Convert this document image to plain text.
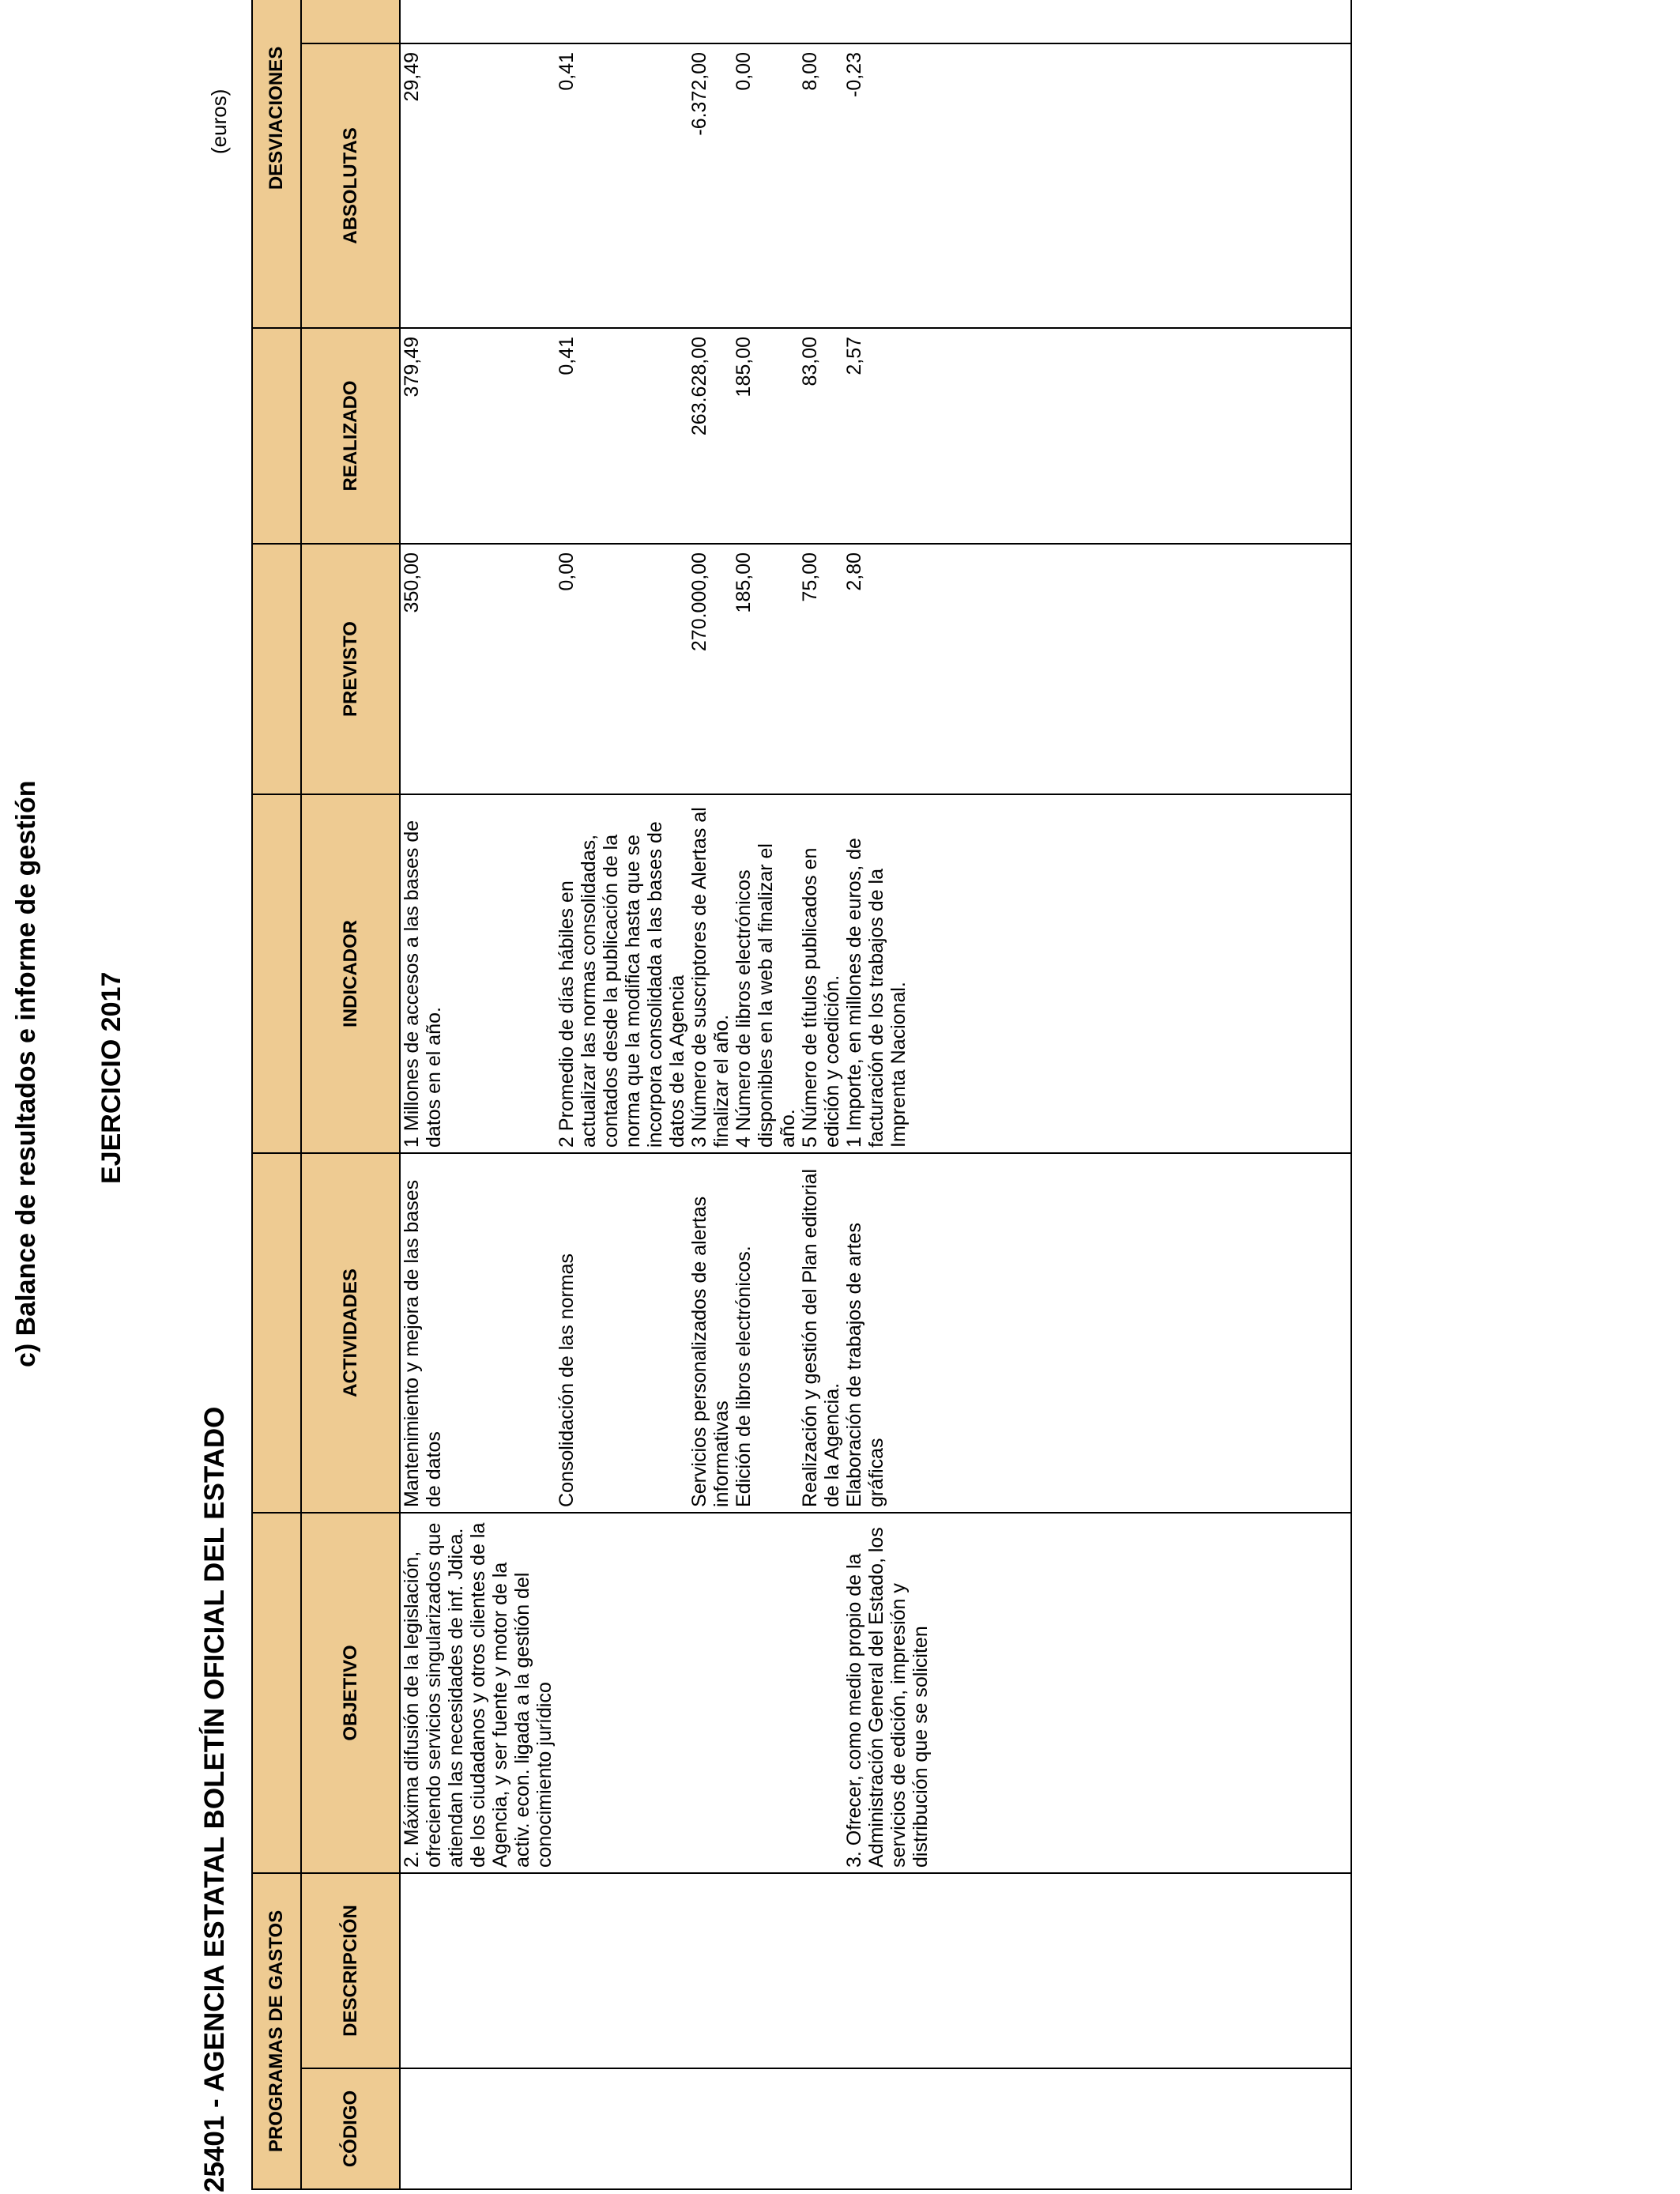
c) Balance de resultados e informe de gestión EJERCICIO 2017
25401 - AGENCIA ESTATAL BOLETÍN OFICIAL DEL ESTADO
(euros)
PROGRAMAS DE GASTOS							DESVIACIONES	
CÓDIGO	DESCRIPCIÓN	OBJETIVO	ACTIVIDADES	INDICADOR	PREVISTO	REALIZADO	ABSOLUTAS	
		2. Máxima difusión de la legislación, ofreciendo servicios singularizados que atiendan las necesidades de inf. Jdica. de los ciudadanos y otros clientes de la Agencia, y ser fuente y motor de la activ. econ. ligada a la gestión del conocimiento jurídico	Mantenimiento y mejora de las bases de datos	1 Millones de accesos a las bases de datos en el año.	350,00	379,49	29,49	
			Consolidación de las normas	2 Promedio de días hábiles en actualizar las normas consolidadas, contados desde la publicación de la norma que la modifica hasta que se incorpora consolidada a las bases de datos de la Agencia	0,00	0,41	0,41	
			Servicios personalizados de alertas informativas	3 Número de suscriptores de Alertas al finalizar el año.	270.000,00	263.628,00	-6.372,00	
			Edición de libros electrónicos.	4 Número de libros electrónicos disponibles en la web al finalizar el año.	185,00	185,00	0,00	
			Realización y gestión del Plan editorial de la Agencia.	5 Número de títulos publicados en edición y coedición.	75,00	83,00	8,00	
		3. Ofrecer, como medio propio de la Administración General del Estado, los servicios de edición, impresión y distribución que se soliciten	Elaboración de trabajos de artes gráficas	1 Importe, en millones de euros, de facturación de los trabajos de la Imprenta Nacional.	2,80	2,57	-0,23	
